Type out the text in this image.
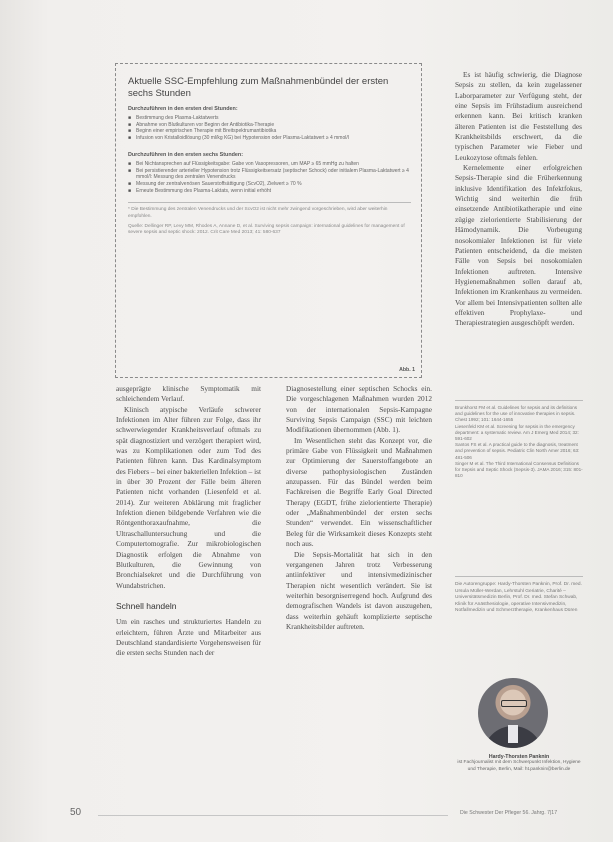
Aktuelle SSC-Empfehlung zum Maßnahmenbündel der ersten sechs Stunden
Durchzuführen in den ersten drei Stunden:
■ Bestimmung des Plasma-Laktatwerts
■ Abnahme von Blutkulturen vor Beginn der Antibiotika-Therapie
■ Beginn einer empirischen Therapie mit Breitspektrumantibiotika
■ Infusion von Kristalloidlösung (30 ml/kg KG) bei Hypotension oder Plasma-Laktatwert ≥ 4 mmol/l
Durchzuführen in den ersten sechs Stunden:
■ Bei Nichtansprechen auf Flüssigkeitsgabe: Gabe von Vasopressoren, um MAP ≥ 65 mmHg zu halten
■ Bei persistierender arterieller Hypotension trotz Flüssigkeitsersatz (septischer Schock) oder initialem Plasma-Laktatwert ≥ 4 mmol/l: Messung des zentralen Venendrucks
■ Messung der zentralvenösen Sauerstoffsättigung (ScvO2), Zielwert ≥ 70 %
■ Erneute Bestimmung des Plasma-Laktats, wenn initial erhöht
* Die Bestimmung des zentralen Venendrucks und der ScvO2 ist nicht mehr zwingend vorgeschrieben, wird aber weiterhin empfohlen.
Quelle: Dellinger RP, Levy MM, Rhodes A, Annane D, et al. Surviving sepsis campaign: international guidelines for management of severe sepsis and septic shock: 2012. Crit Care Med 2013; 41: 580-637
Abb. 1

ausgeprägte klinische Symptomatik mit schleichendem Verlauf.

Klinisch atypische Verläufe schwerer Infektionen im Alter führen zur Folge, dass ihr schwerwiegender Krankheitsverlauf oftmals zu spät diagnostiziert und verzögert therapiert wird, was zu Komplikationen oder zum Tod des Patienten führen kann. Das Kardinalsymptom des Fiebers – bei einer bakteriellen Infektion – ist in über 30 Prozent der Fälle beim älteren Patienten nicht vorhanden (Liesenfeld et al. 2014). Zur weiteren Abklärung mit fraglicher Infektion dienen bildgebende Verfahren wie die Röntgenthoraxaufnahme, die Ultraschalluntersuchung und die Computertomografie. Zur mikrobiologischen Diagnostik erfolgen die Abnahme von Blutkulturen, die Gewinnung von Bronchialsekret und die Durchführung von Wundabstrichen.

Schnell handeln

Um ein rasches und strukturiertes Handeln zu erleichtern, führen Ärzte und Mitarbeiter aus Deutschland standardisierte Vorgehensweisen für die ersten sechs Stunden nach der

Diagnosestellung einer septischen Schocks ein. Die vorgeschlagenen Maßnahmen wurden 2012 von der internationalen Sepsis-Kampagne Surviving Sepsis Campaign (SSC) mit leichten Modifikationen übernommen (Abb. 1).

Im Wesentlichen steht das Konzept vor, die primäre Gabe von Flüssigkeit und Maßnahmen zur Optimierung der Sauerstoffangebote an diverse pathophysiologischen Zuständen anzupassen. Für das Bündel werden beim Fachkreisen die Begriffe Early Goal Directed Therapy (EGDT, frühe zielorientierte Therapie) oder „Maßnahmenbündel der ersten sechs Stunden“ verwendet. Ein wissenschaftlicher Beleg für die Wirksamkeit dieses Konzepts steht noch aus.

Die Sepsis-Mortalität hat sich in den vergangenen Jahren trotz Verbesserung antiinfektiver und intensivmedizinischer Therapien nicht wesentlich verändert. Sie ist weiterhin besorgniserregend hoch. Aufgrund des demografischen Wandels ist davon auszugehen, dass weiterhin gehäuft komplizierte septische Krankheitsbilder auftreten.

Es ist häufig schwierig, die Diagnose Sepsis zu stellen, da kein zugelassener Laborparameter zur Verfügung steht, der eine Sepsis im Frühstadium ausreichend erkennen kann. Bei kritisch kranken älteren Patienten ist die Feststellung des Krankheitsbilds erschwert, da die typischen Parameter wie Fieber und Leukozytose oftmals fehlen.

Kernelemente einer erfolgreichen Sepsis-Therapie sind die Früherkennung inklusive Identifikation des Infektfokus, Wichtig sind weiterhin die früh einsetzende Antibiotikatherapie und eine zügige zielorientierte Stabilisierung der Hämodynamik. Die Vorbeugung nosokomialer Infektionen ist für viele Patienten entscheidend, da die meisten Fälle von Sepsis bei nosokomialen Infektionen auftreten. Intensive Hygienemaßnahmen sollen darauf ab, Infektionen im Krankenhaus zu vermeiden. Vor allem bei Intensivpatienten sollten alle effektiven Prophylaxe- und Therapiestrategien ausgeschöpft werden.

Brunkhorst FM et al. Guidelines for sepsis and its definitions and guidelines for the use of innovative therapies in sepsis. Chest 1992; 101: 1644-1655

Liesenfeld KM et al. Screening for sepsis in the emergency department: a systematic review. Am J Emerg Med 2014; 32: 591-602

Santos FS et al. A practical guide to the diagnosis, treatment and prevention of sepsis. Pediatric Clin North Amer 2016; 63: 481-506

Singer M et al. The Third International Consensus Definitions for Sepsis and Septic Shock (Sepsis-3). JAMA 2016; 315: 801-810

Die Autorengruppe: Hardy-Thorsten Panknin, Prof. Dr. med. Ursula Müller-Werdan, Lehrstuhl Geriatrie, Charité – Universitätsmedizin Berlin, Prof. Dr. med. Stefan Schwab, Klinik für Anästhesiologie, operative Intensivmedizin, Notfallmedizin und Schmerztherapie, Krankenhaus Düren
Hardy-Thorsten Panknin
ist Fachjournalist mit dem Schwerpunkt Infektion, Hygiene und Therapie, Berlin, Mail: ht.panknin@berlin.de
50	Die Schwester Der Pfleger 56. Jahrg. 7|17
